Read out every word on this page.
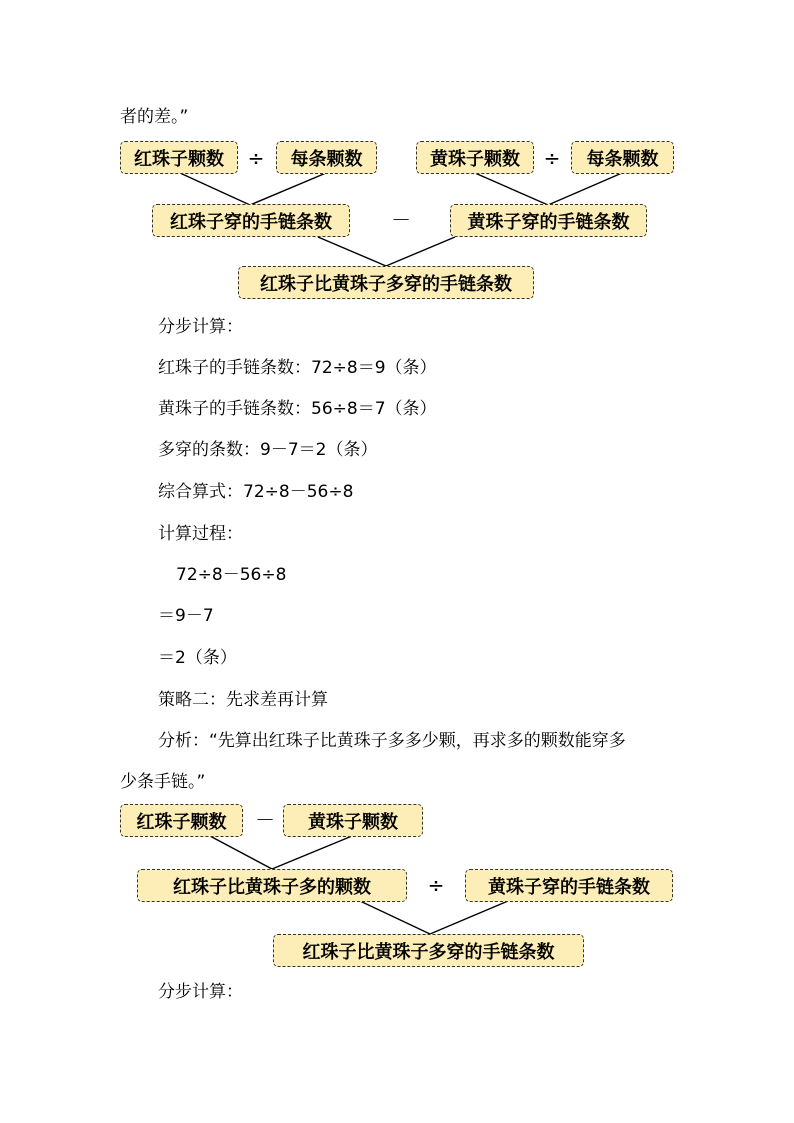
者的差。”
红珠子颗数	÷	每条颗数	黄珠子颗数	÷	每条颗数
红珠子穿的手链条数	－	黄珠子穿的手链条数
红珠子比黄珠子多穿的手链条数
分步计算：
红珠子的手链条数：72÷8＝9（条）
黄珠子的手链条数：56÷8＝7（条）
多穿的条数：9－7＝2（条）
综合算式：72÷8－56÷8
计算过程：
72÷8－56÷8
＝9－7
＝2（条）
策略二：先求差再计算
分析：“先算出红珠子比黄珠子多多少颗，再求多的颗数能穿多
少条手链。”
红珠子颗数	－	黄珠子颗数
红珠子比黄珠子多的颗数	÷	黄珠子穿的手链条数
红珠子比黄珠子多穿的手链条数
分步计算：
